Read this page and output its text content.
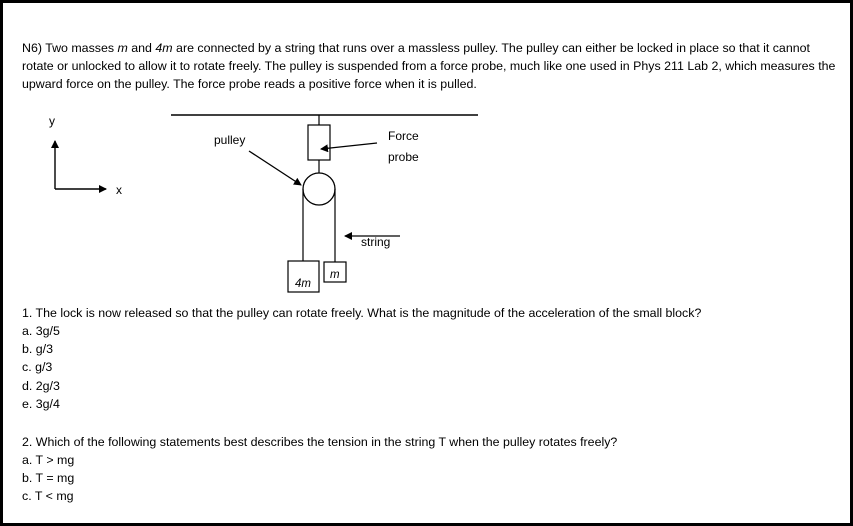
N6) Two masses m and 4m are connected by a string that runs over a massless pulley. The pulley can either be locked in place so that it cannot rotate or unlocked to allow it to rotate freely. The pulley is suspended from a force probe, much like one used in Phys 211 Lab 2, which measures the upward force on the pulley. The force probe reads a positive force when it is pulled.
y
x
4m
m
pulley	Force
probe
string
1. The lock is now released so that the pulley can rotate freely. What is the magnitude of the acceleration of the small block?
a. 3g/5
b. g/3
c. g/3
d. 2g/3
e. 3g/4
2. Which of the following statements best describes the tension in the string T when the pulley rotates freely?
a. T > mg
b. T = mg
c. T < mg
